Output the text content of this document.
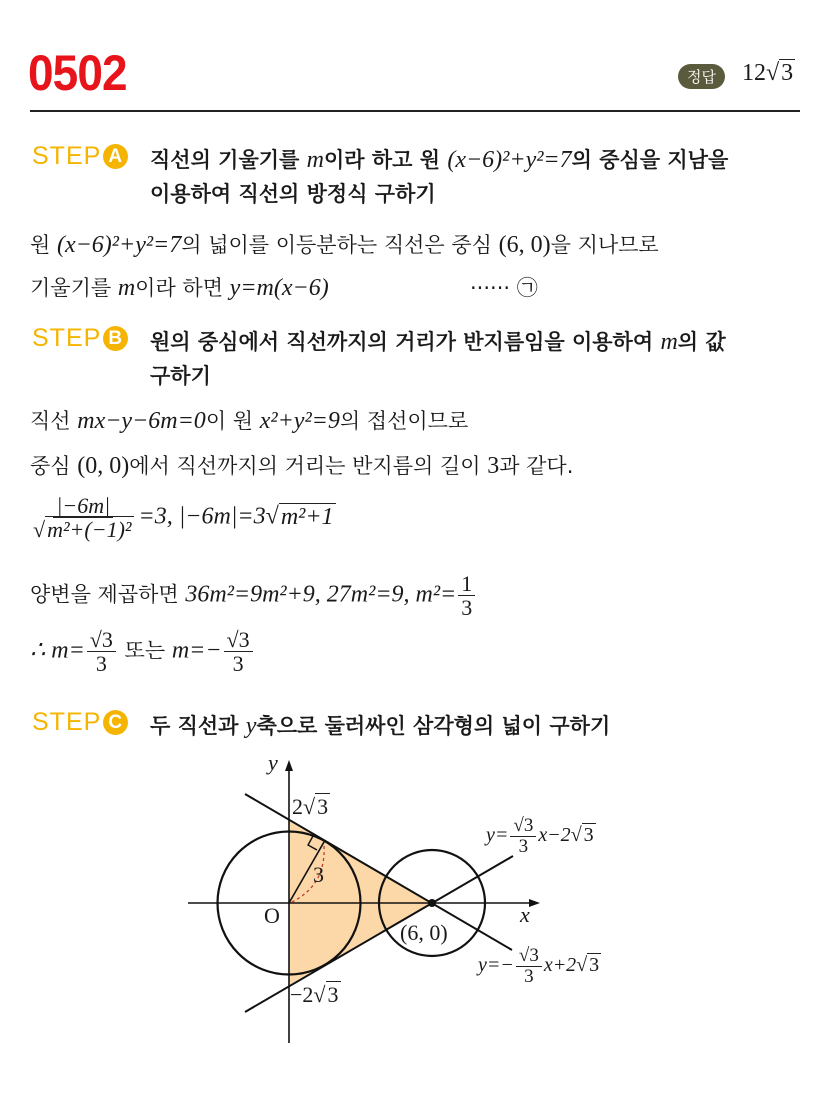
0502	정답	12√3
STEP A 직선의 기울기를 m이라 하고 원 (x−6)²+y²=7의 중심을 지남을
이용하여 직선의 방정식 구하기
원 (x−6)²+y²=7의 넓이를 이등분하는 직선은 중심 (6, 0)을 지나므로
기울기를 m이라 하면 y=m(x−6)	······ ㉠
STEP B 원의 중심에서 직선까지의 거리가 반지름임을 이용하여 m의 값
구하기
직선 mx−y−6m=0이 원 x²+y²=9의 접선이므로
중심 (0, 0)에서 직선까지의 거리는 반지름의 길이 3과 같다.
$\frac{|-6m|}{\text{√m²+(−1)²}} =3$, |−6m|=3√m²+1
양변을 제곱하면 36m²=9m²+9, 27m²=9, $m^2= \frac{1}{3}$
∴ $m= \frac{√3}{3}$ 또는 $m=- \frac{√3}{3}$
STEP C 두 직선과 y축으로 둘러싸인 삼각형의 넓이 구하기
y
x
O
2√3
−2√3
3
(6, 0)
$y= \frac{√3}{3} x-2√$ 3
$y=- \frac{√3}{3} x+2√$ 3
